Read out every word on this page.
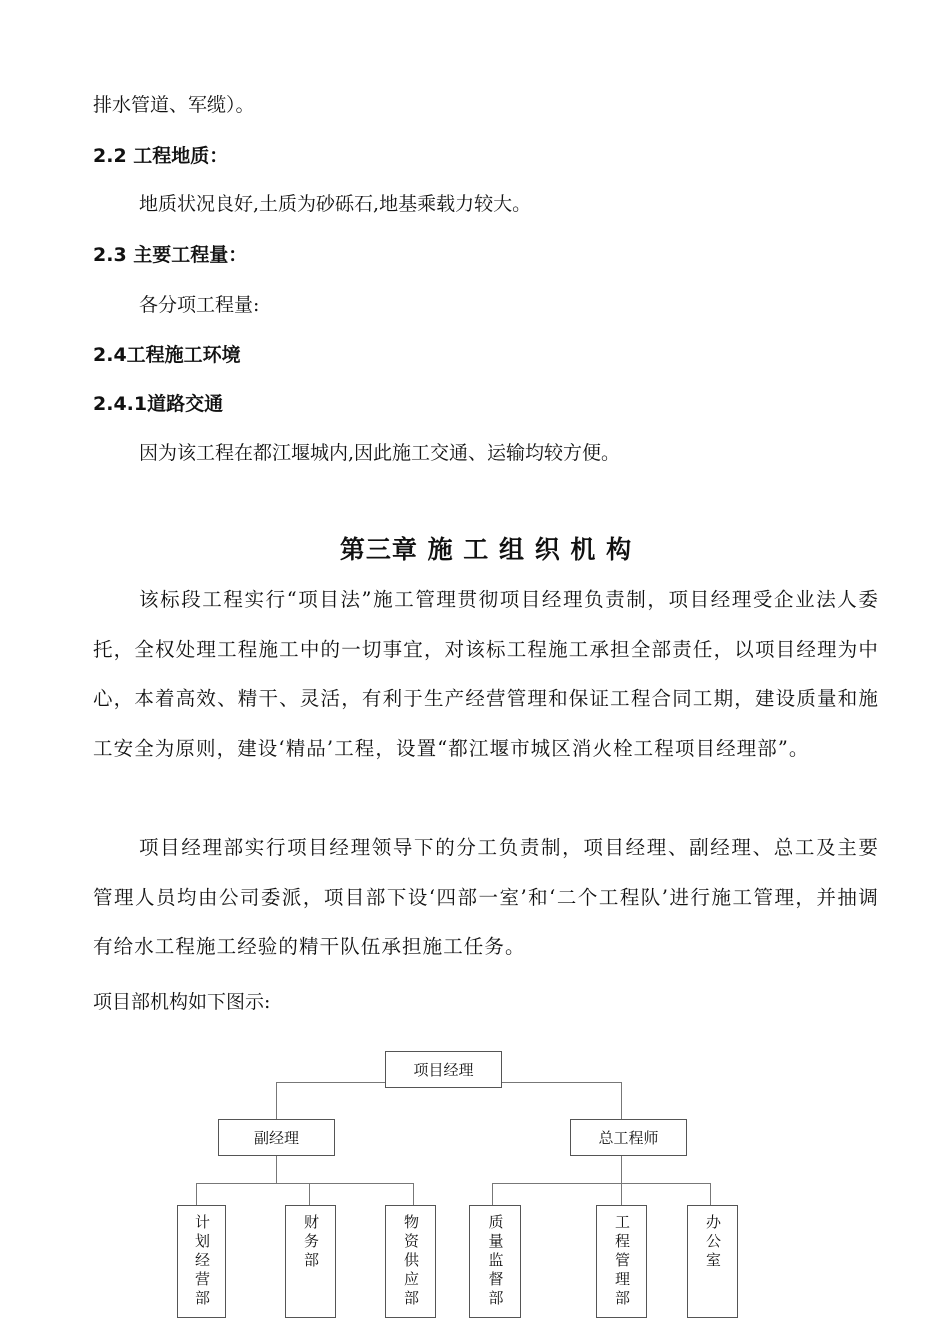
排水管道、军缆）。
2.2 工程地质：
地质状况良好,土质为砂砾石,地基乘载力较大。
2.3 主要工程量：
各分项工程量:
2.4工程施工环境
2.4.1道路交通
因为该工程在都江堰城内,因此施工交通、运输均较方便。
第三章 施 工 组 织 机 构
该标段工程实行“项目法”施工管理贯彻项目经理负责制，项目经理受企业法人委托，全权处理工程施工中的一切事宜，对该标工程施工承担全部责任，以项目经理为中心，本着高效、精干、灵活，有利于生产经营管理和保证工程合同工期，建设质量和施工安全为原则，建设‘精品’工程，设置“都江堰市城区消火栓工程项目经理部”。
项目经理部实行项目经理领导下的分工负责制，项目经理、副经理、总工及主要管理人员均由公司委派，项目部下设‘四部一室’和‘二个工程队’进行施工管理，并抽调有给水工程施工经验的精干队伍承担施工任务。
项目部机构如下图示:
项目经理
副经理	总工程师
计划经营部	财务部	物资供应部	质量监督部	工程管理部	办公室
